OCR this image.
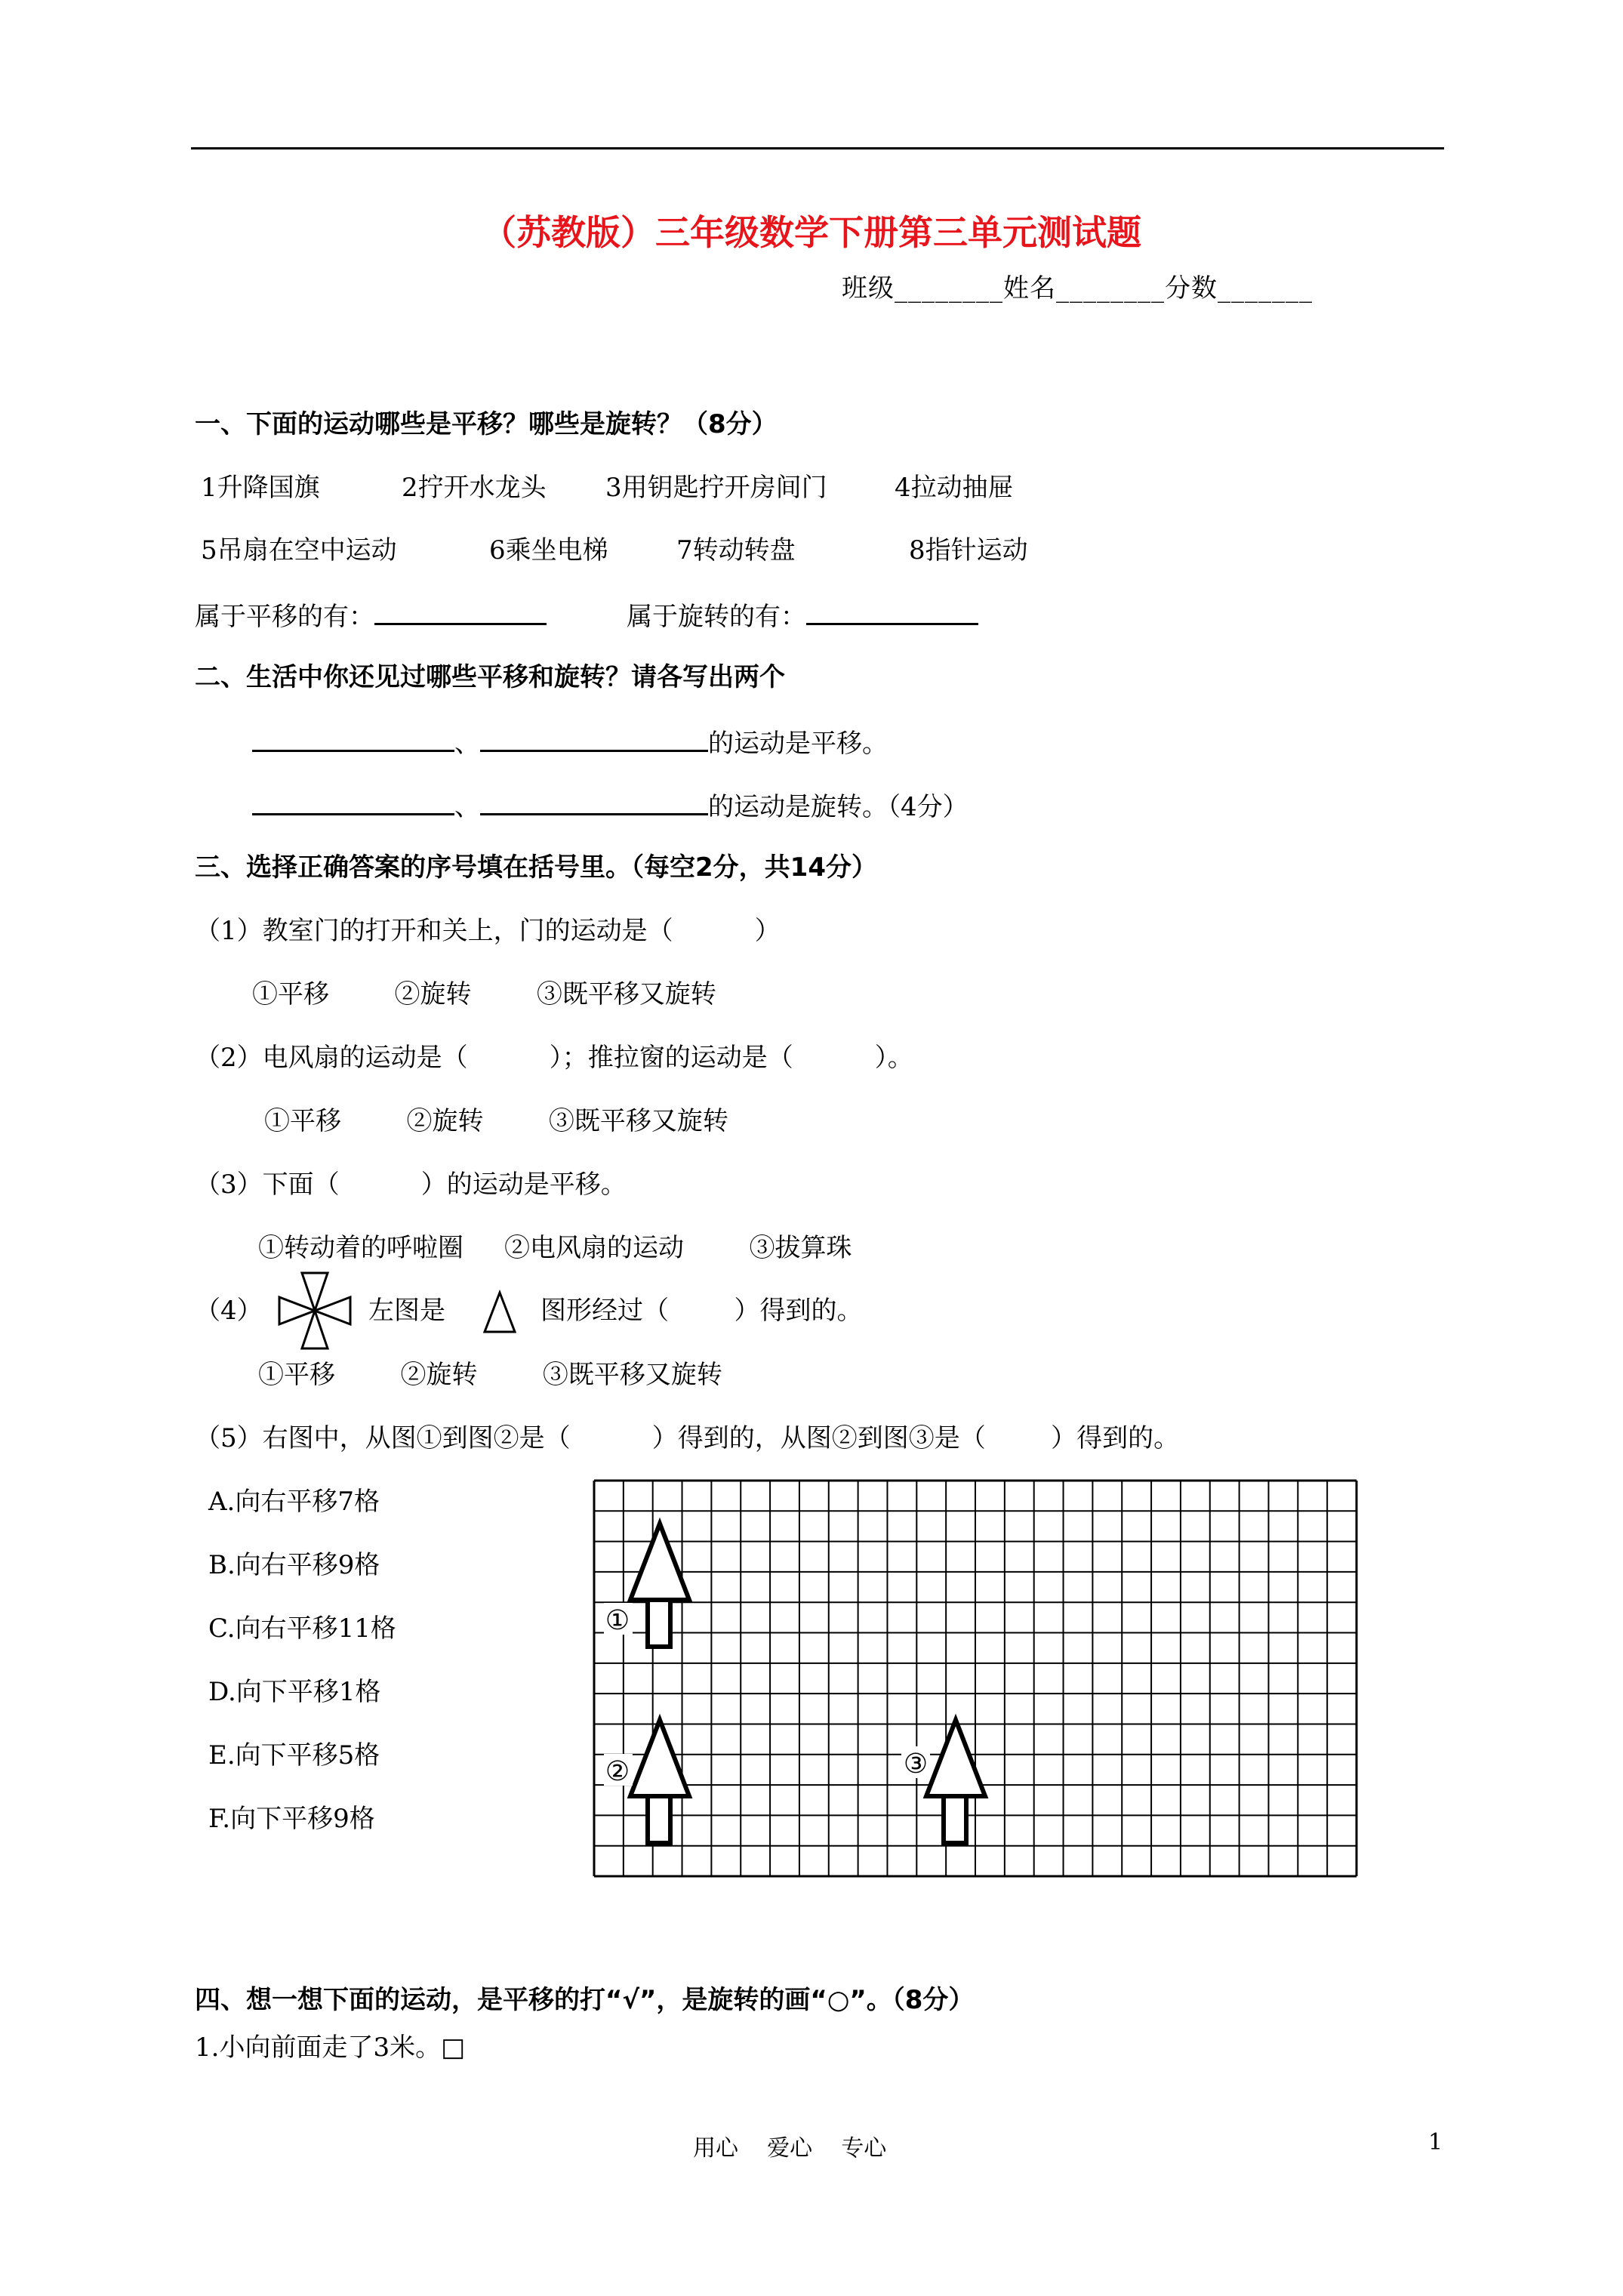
（苏教版）三年级数学下册第三单元测试题
班级________姓名________分数_______
一、下面的运动哪些是平移？哪些是旋转？（8分）
1升降国旗	2拧开水龙头 3用钥匙拧开房间门	4拉动抽屉
5吊扇在空中运动	6乘坐电梯	7转动转盘	8指针运动
属于平移的有：	属于旋转的有：
二、生活中你还见过哪些平移和旋转？请各写出两个
、	的运动是平移。
、	的运动是旋转。（4分）
三、选择正确答案的序号填在括号里。（每空2分，共14分）
（1）教室门的打开和关上，门的运动是（          ）
①平移        ②旋转        ③既平移又旋转
（2）电风扇的运动是（          ）；推拉窗的运动是（          ）。
①平移        ②旋转        ③既平移又旋转
（3）下面（          ）的运动是平移。
①转动着的呼啦圈     ②电风扇的运动        ③拔算珠
（4）	左图是	图形经过（        ）得到的。
①平移        ②旋转        ③既平移又旋转
（5）右图中，从图①到图②是（          ）得到的，从图②到图③是（        ）得到的。
A.向右平移7格
B.向右平移9格
C.向右平移11格
D.向下平移1格
E.向下平移5格
F.向下平移9格
①
②	③
四、想一想下面的运动，是平移的打“√”，是旋转的画“○”。（8分）
1.小向前面走了3米。□
用心    爱心    专心	1
